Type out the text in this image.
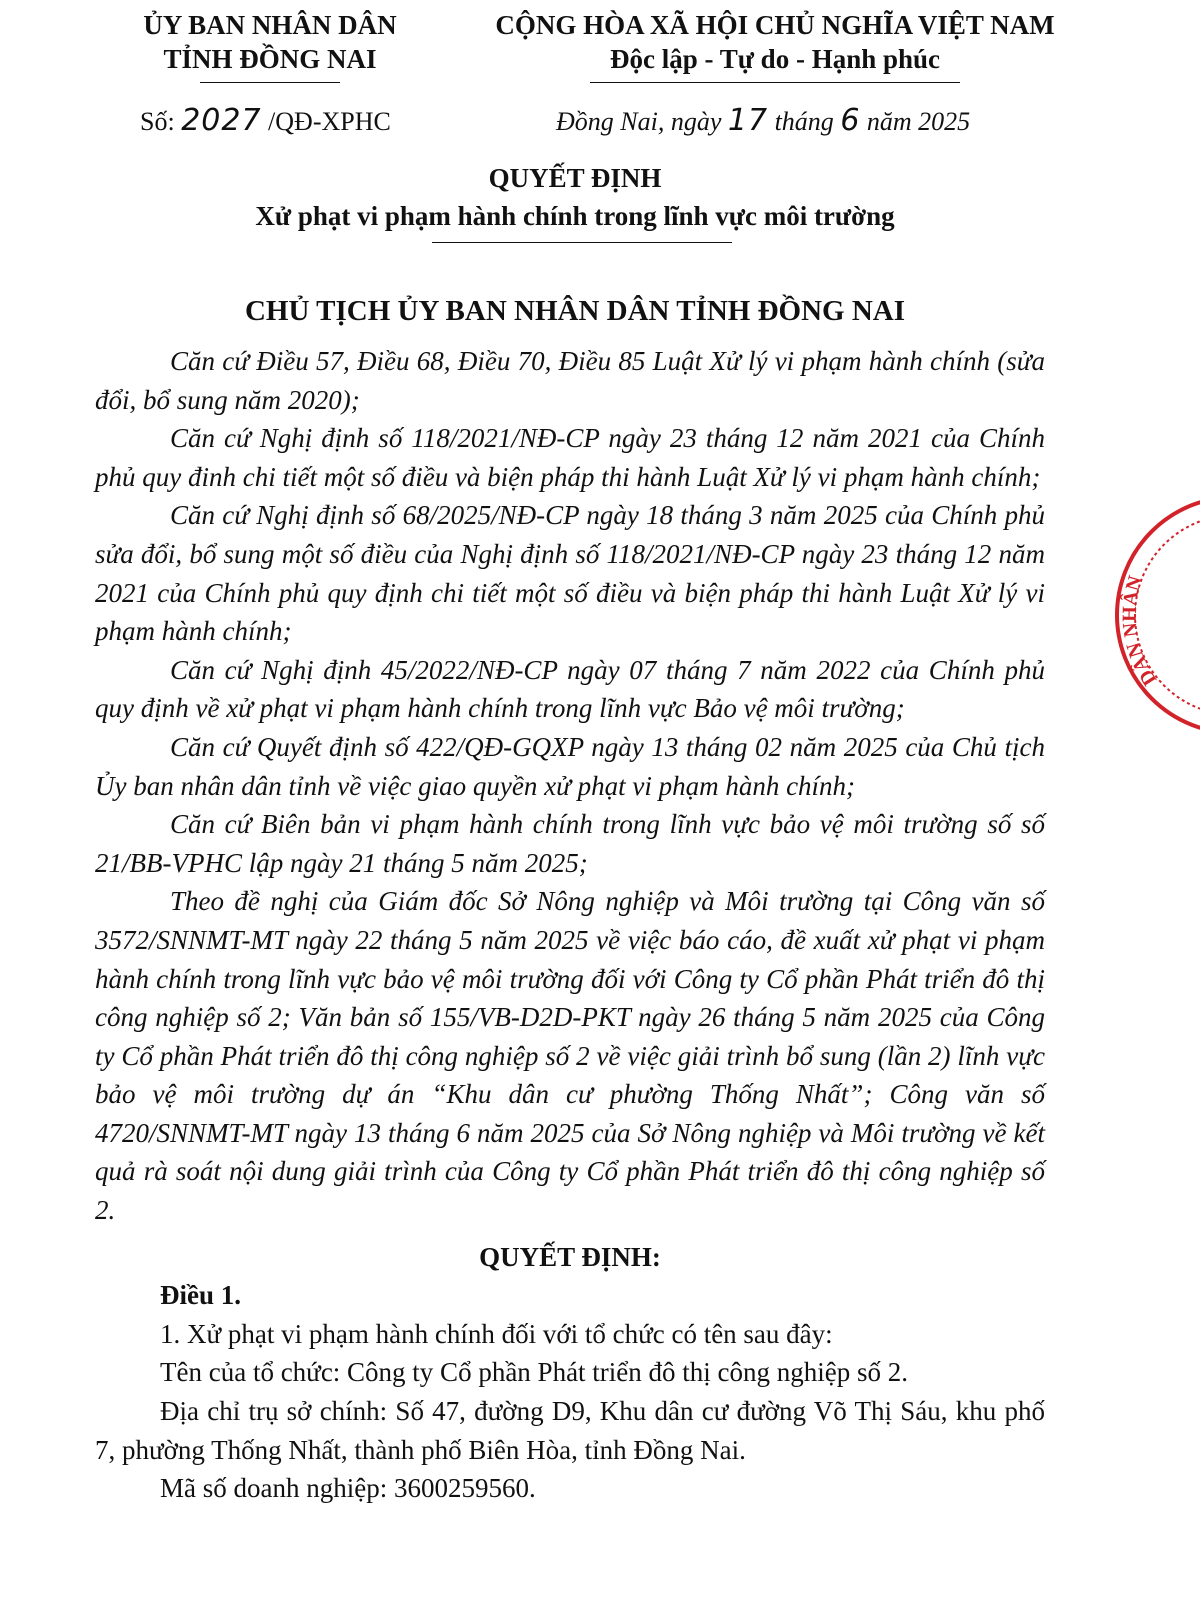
ỦY BAN NHÂN DÂN
TỈNH ĐỒNG NAI
CỘNG HÒA XÃ HỘI CHỦ NGHĨA VIỆT NAM
Độc lập - Tự do - Hạnh phúc
Số: 2027 /QĐ-XPHC	Đồng Nai, ngày 17 tháng 6 năm 2025
QUYẾT ĐỊNH
Xử phạt vi phạm hành chính trong lĩnh vực môi trường
CHỦ TỊCH ỦY BAN NHÂN DÂN TỈNH ĐỒNG NAI

Căn cứ Điều 57, Điều 68, Điều 70, Điều 85 Luật Xử lý vi phạm hành chính (sửa đổi, bổ sung năm 2020);

Căn cứ Nghị định số 118/2021/NĐ-CP ngày 23 tháng 12 năm 2021 của Chính phủ quy đinh chi tiết một số điều và biện pháp thi hành Luật Xử lý vi phạm hành chính;

Căn cứ Nghị định số 68/2025/NĐ-CP ngày 18 tháng 3 năm 2025 của Chính phủ sửa đổi, bổ sung một số điều của Nghị định số 118/2021/NĐ-CP ngày 23 tháng 12 năm 2021 của Chính phủ quy định chi tiết một số điều và biện pháp thi hành Luật Xử lý vi phạm hành chính;

Căn cứ Nghị định 45/2022/NĐ-CP ngày 07 tháng 7 năm 2022 của Chính phủ quy định về xử phạt vi phạm hành chính trong lĩnh vực Bảo vệ môi trường;

Căn cứ Quyết định số 422/QĐ-GQXP ngày 13 tháng 02 năm 2025 của Chủ tịch Ủy ban nhân dân tỉnh về việc giao quyền xử phạt vi phạm hành chính;

Căn cứ Biên bản vi phạm hành chính trong lĩnh vực bảo vệ môi trường số số 21/BB-VPHC lập ngày 21 tháng 5 năm 2025;

Theo đề nghị của Giám đốc Sở Nông nghiệp và Môi trường tại Công văn số 3572/SNNMT-MT ngày 22 tháng 5 năm 2025 về việc báo cáo, đề xuất xử phạt vi phạm hành chính trong lĩnh vực bảo vệ môi trường đối với Công ty Cổ phần Phát triển đô thị công nghiệp số 2; Văn bản số 155/VB-D2D-PKT ngày 26 tháng 5 năm 2025 của Công ty Cổ phần Phát triển đô thị công nghiệp số 2 về việc giải trình bổ sung (lần 2) lĩnh vực bảo vệ môi trường dự án “Khu dân cư phường Thống Nhất”; Công văn số 4720/SNNMT-MT ngày 13 tháng 6 năm 2025 của Sở Nông nghiệp và Môi trường về kết quả rà soát nội dung giải trình của Công ty Cổ phần Phát triển đô thị công nghiệp số 2.

QUYẾT ĐỊNH:

Điều 1.

1. Xử phạt vi phạm hành chính đối với tổ chức có tên sau đây:

Tên của tổ chức: Công ty Cổ phần Phát triển đô thị công nghiệp số 2.

Địa chỉ trụ sở chính: Số 47, đường D9, Khu dân cư đường Võ Thị Sáu, khu phố 7, phường Thống Nhất, thành phố Biên Hòa, tỉnh Đồng Nai.

Mã số doanh nghiệp: 3600259560.

DÂN NHÂN
